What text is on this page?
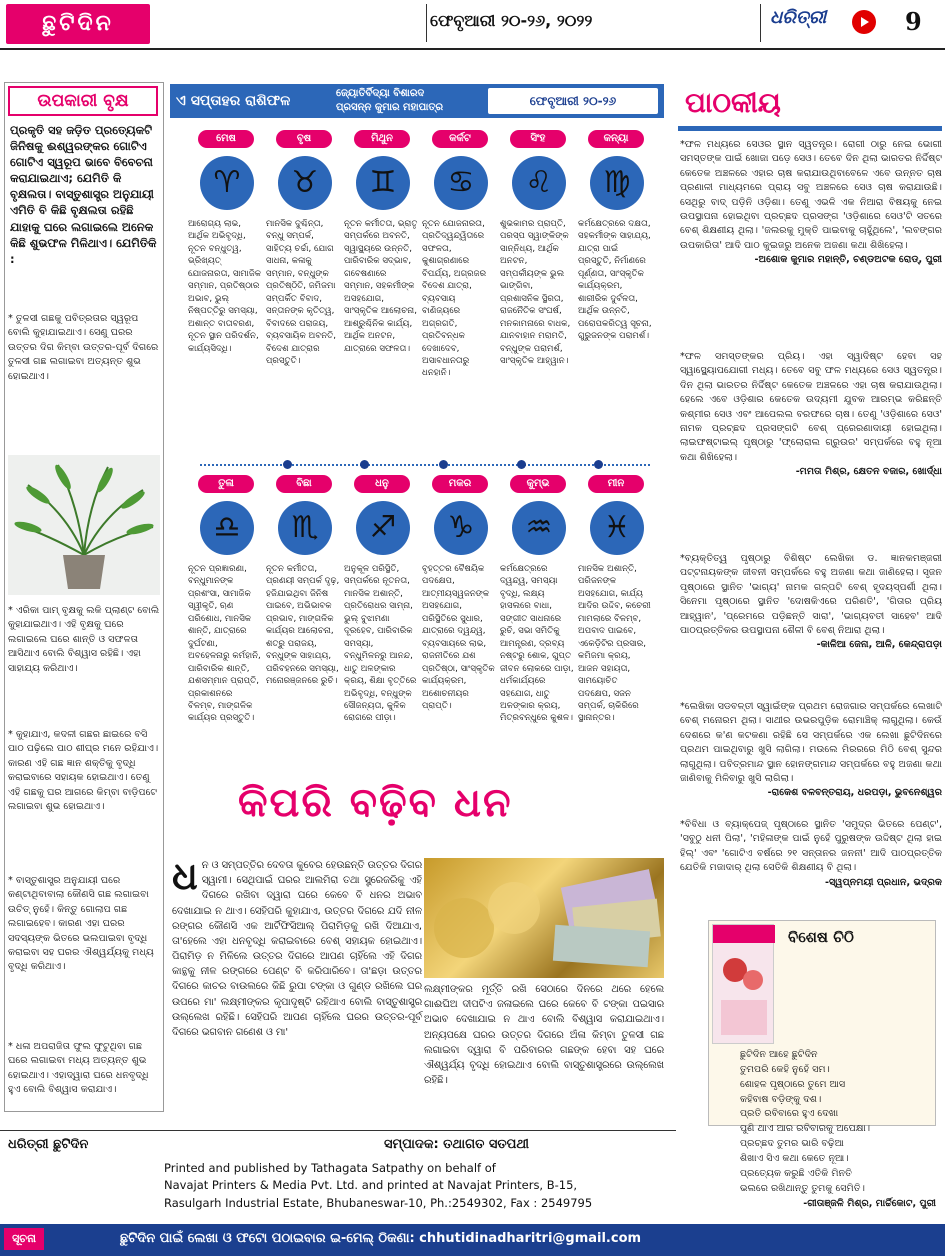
ଛୁଟିଦିନ	ଫେବୃଆରୀ ୨୦-୨୬, ୨୦୨୨	ଧରିତ୍ରୀ	9
ଉପକାରୀ ବୃକ୍ଷ
ପ୍ରକୃତି ସହ ଜଡ଼ିତ ପ୍ରତ୍ୟେକଟି ଜିନିଷକୁ ଈଶ୍ୱରଙ୍କର ଗୋଟିଏ ଗୋଟିଏ ସ୍ୱରୂପ ଭାବେ ବିବେଚନା କରାଯାଇଥାଏ; ଯେମିତି କି ବୃକ୍ଷଲତା। ବାସ୍ତୁଶାସ୍ତ୍ର ଅନୁଯାୟୀ ଏମିତି ବି କିଛି ବୃକ୍ଷଲତା ରହିଛି ଯାହାକୁ ଘରେ ଲଗାଇଲେ ଅନେକ କିଛି ଶୁଭଫଳ ମିଳିଥାଏ। ଯେମିତିକି :
* ତୁଳସୀ ଗଛକୁ ପବିତ୍ରତାର ସ୍ୱରୂପ ବୋଲି କୁହାଯାଇଥାଏ। ସେଣୁ ଘରର ଉତ୍ତର ଦିଗ କିମ୍ବା ଉତ୍ତର-ପୂର୍ବ ଦିଗରେ ତୁଳସୀ ଗଛ ଲଗାଇବା ଅତ୍ୟନ୍ତ ଶୁଭ ହୋଇଥାଏ।
* ଏରିକା ପାମ୍ ବୃକ୍ଷକୁ ଲକି ପ୍ଲାଣ୍ଟ ବୋଲି କୁହାଯାଇଥାଏ। ଏହି ବୃକ୍ଷକୁ ଘରେ ଲଗାଇଲେ ଘରେ ଶାନ୍ତି ଓ ସଫଳତା ଆସିଥାଏ ବୋଲି ବିଶ୍ୱାସ ରହିଛି। ଏହା ସାହାଯ୍ୟ କରିଥାଏ।
* କୁହାଯାଏ, କଦଳୀ ଗଛର ଛାଇରେ ବସି ପାଠ ପଢ଼ିଲେ ପାଠ ଶୀଘ୍ର ମନେ ରହିଯାଏ। କାରଣ ଏହି ଗଛ ଜ୍ଞାନ ଶକ୍ତିକୁ ବୃଦ୍ଧି କରାଇବାରେ ସହାୟକ ହୋଇଥାଏ। ତେଣୁ ଏହି ଗଛକୁ ଘର ଆଗରେ କିମ୍ବା ବାଡ଼ିପଟେ ଲଗାଇବା ଶୁଭ ହୋଇଥାଏ।
* ବାସ୍ତୁଶାସ୍ତ୍ର ଅନୁଯାୟୀ ଘରେ କଣ୍ଟାଥିବାବାଲା କୌଣସି ଗଛ ଲଗାଇବା ଉଚିତ୍ ନୁହେଁ। କିନ୍ତୁ ଗୋଲାପ ଗଛ ଲଗାଇହେବ। କାରଣ ଏହା ଘରର ସଦସ୍ୟଙ୍କ ଭିତରେ ଭଲପାଇବା ବୃଦ୍ଧି କରାଇବା ସହ ଘରର ଐଶ୍ୱର୍ଯ୍ୟକୁ ମଧ୍ୟ ବୃଦ୍ଧି କରିଥାଏ।
* ଧଳା ଅପରାଜିତା ଫୁଲ ଫୁଟୁଥିବା ଗଛ ଘରେ ଲଗାଇବା ମଧ୍ୟ ଅତ୍ୟନ୍ତ ଶୁଭ ହୋଇଥାଏ। ଏହାଦ୍ୱାରା ଘରେ ଧନବୃଦ୍ଧି ହୁଏ ବୋଲି ବିଶ୍ୱାସ କରାଯାଏ।
ଏ ସପ୍ତାହର ରାଶିଫଳ	ଜ୍ୟୋତିର୍ବିଦ୍ୟା ବିଶାରଦ
ପ୍ରସନ୍ନ କୁମାର ମହାପାତ୍ର	ଫେବୃଆରୀ ୨୦-୨୬
ମେଷ
♈
ଆରୋଗ୍ୟ ଲାଭ, ଆର୍ଥିକ ଅଭିବୃଦ୍ଧି, ନୂତନ ବନ୍ଧୁତ୍ୱ, ଭ୍ରିଖ୍ୟତ୍ ଯୋଜନାରତା, ସାମାଜିକ ସମ୍ମାନ, ପ୍ରତିଷ୍ଠାର ଅଭାବ, ଭୁଲ୍ ନିଷ୍ପତ୍ତିରୁ ସମସ୍ୟା, ଅଶାନ୍ତ ବାତାବରଣ, ନୂତନ ସ୍ଥାନ ପରିଦର୍ଶନ, କାର୍ଯ୍ୟସିଦ୍ଧି।
ବୃଷ
♉
ମାନସିକ ଦୁଶ୍ଚିନ୍ତା, ବନ୍ଧୁ ସମ୍ପର୍କ, ସାହିତ୍ୟ ଚର୍ଚ୍ଚା, ଯୋଗ ସାଧନା, କଳାକୁ ସମ୍ମାନ, ବନ୍ଧୁଙ୍କ ପ୍ରତିଷ୍ଠିତି, ଜମିଜମା ସମ୍ପର୍କିତ ବିବାଦ, ସନ୍ତାନଙ୍କ କୃତିତ୍ୱ, ବିବାଦରେ ପରାଜୟ, ବ୍ୟବସାୟିକ ଅବନତି, ବିଦେଶ ଯାତ୍ରାର ପ୍ରସ୍ତୁତି।
ମିଥୁନ
♊
ନୂତନ କର୍ମୀତତା, ଭ୍ରାତୃ ସମ୍ପର୍କରେ ଅବନତି, ସ୍ୱାସ୍ଥ୍ୟରେ ଉନ୍ନତି, ପାରିବାରିକ ସଦ୍ଭାବ, ଗବେଷଣାରେ ସମ୍ମାନ, ସହକର୍ମୀଙ୍କ ଅସହଯୋଗ, ସାଂସ୍କୃତିକ ଆଲୋଚନା, ଆଶ୍ରୁଶ୍ଚିନିକ କାର୍ଯ୍ୟ, ଆର୍ଥିକ ଅନଟନ, ଯାତ୍ରାରେ ସଫଳତା।
କର୍କଟ
♋
ନୂତନ ଯୋଜନାରତା, ପ୍ରତିଦ୍ୱନ୍ଦ୍ୱିତାରେ ସଫଳତା, କୁଶାଗ୍ରଣାରେ ବିପର୍ଯ୍ୟ, ଅଗ୍ରଜର ବିଦେଶ ଯାତ୍ରା, ବ୍ୟବସାୟ ବାଣିଜ୍ୟରେ ଅଗ୍ରଗତି, ପ୍ରତିବନ୍ଧକ ଦେଖାଦେବ, ଅସାବଧାନତାରୁ ଧନହାନି।
ସିଂହ
♌
ଶୁଭକାମର ପ୍ରାପ୍ତି, ପରସ୍ପ ସ୍ୱାଙ୍କିଙ୍କ ସାନ୍ନିଧ୍ୟ, ଆର୍ଥିକ ଅନଟନ, ସମ୍ପର୍କୀୟଙ୍କ ଭୁଲ ଭାଙ୍ଗିବା, ପ୍ରଶାସନିକ ସ୍ଥିରତା, ରାଜନୈତିକ ସଂଘର୍ଷ, ମନକାମନାରେ ବାଧକ, ଯାନବାହାନ ମରାମତି, ବନ୍ଧୁଙ୍କ ପରାମର୍ଶ, ସାଂସ୍କୃତିକ ଆହ୍ୱାନ।
କନ୍ୟା
♍
କର୍ମକ୍ଷେତ୍ରରେ ଦକ୍ଷତା, ସହକର୍ମୀଙ୍କ ସାହାଯ୍ୟ, ଯାତ୍ରା ପାଇଁ ପ୍ରସ୍ତୁତି, ନିର୍ମାଣରେ ପୂର୍ଣ୍ଣତା, ସାଂସ୍କୃତିକ କାର୍ଯ୍ୟକ୍ରମ, ଶାରୀରିକ ଦୁର୍ବଳତା, ଆର୍ଥିକ ଉନ୍ନତି, ପରୋପକରିତ୍ୱ ସୂଚନା, ଗୁରୁଜନଙ୍କ ପରାମର୍ଶ।
ତୁଳା
♎
ନୂତନ ପ୍ରଜ୍ଞାରଣା, ବନ୍ଧୁମାନଙ୍କ ପ୍ରଶଂସା, ସାମାଜିକ ସ୍ୱୀକୃତି, ଋଣ ପରିଶୋଧ, ମାନସିକ ଶାନ୍ତି, ଯାତ୍ରାରେ ଦୁର୍ଘଟଣା, ଅବହେଳନାରୁ କର୍ମହାନି, ପାରିବାରିକ ଶାନ୍ତି, ଯଶସମ୍ମାନ ପ୍ରାପ୍ତି, ପ୍ରକାଶନରେ ବିଳମ୍ବ, ମାଙ୍ଗଳିକ କାର୍ଯ୍ୟର ପ୍ରସ୍ତୁତି।
ବିଛା
♏
ନୂତନ କର୍ମୀତତା, ପ୍ରଣୟୀ ସମ୍ପର୍କ ଦୃଢ଼, ହଜିଯାଇଥିବା ଜିନିଷ ପାଇବେ, ଅଭିଭାବକ ପ୍ରଭାବ, ମାଙ୍ଗଳିକ କାର୍ଯ୍ୟର ଆଲୋଚନା, ଶତ୍ରୁ ପରାଜୟ, ବନ୍ଧୁଙ୍କ ସାହାଯ୍ୟ, ପରିବହନରେ ସମସ୍ୟା, ମନୋରଞ୍ଜନରେ ରୁଚି।
ଧନୁ
♐
ଅନୁକୂଳ ପରିସ୍ଥିତି, ସମ୍ପର୍କରେ ନୂତନତା, ମାନସିକ ଅଶାନ୍ତି, ପ୍ରତିରୋଧର ସାମ୍ନା, ଭୁଲ୍ ବୁଝାମଣା ଦୂରହେବ, ପାରିବାରିକ ସମସ୍ୟା, ବନ୍ଧୁମିଳନରୁ ଆନନ୍ଦ, ଧାତୁ ଅଳଙ୍କାର କ୍ରୟ, ଶିକ୍ଷା ବୃତ୍ତିରେ ଅଭିବୃଦ୍ଧି, ବନ୍ଧୁଙ୍କ ସୌଜନ୍ୟତା, କୁଳିକ ରୋଗରେ ପୀଡ଼ା।
ମକର
♑
ବୃହତ୍ତର ବୈଷୟିକ ପଦକ୍ଷେପ, ଆତ୍ମୀୟସ୍ୱଜନଙ୍କ ଅସହଯୋଗ, ପରିସ୍ଥିତିରେ ସୁଧାର, ଯାତ୍ରାରେ ଦ୍ୱନ୍ଦ୍ୱ, ବ୍ୟବସାୟରେ ଲାଭ, ରାଜନୀତିରେ ଯଶ ପ୍ରତିଷ୍ଠା, ସାଂସ୍କୃତିକ କାର୍ଯ୍ୟକ୍ରମ, ଅଶୋଚନୀୟର ପ୍ରାପ୍ତି।
କୁମ୍ଭ
♒
କର୍ମକ୍ଷେତ୍ରରେ ଦ୍ୱନ୍ଦ୍ୱ, ସମସ୍ୟା ବୃଦ୍ଧି, ଲକ୍ଷ୍ୟ ହାସଲରେ ବାଧା, ସଙ୍ଗୀତ ସାଧନାରେ ରୁଚି, ସଭା ସମିତିକୁ ଆମନ୍ତ୍ରଣ, ଦ୍ରବ୍ୟ ନଷ୍ଟରୁ ଶୋକ, ଗୁପ୍ତ ଜୀବନ ଲୋକରେ ପାଡ଼ା, ଧର୍ମକାର୍ଯ୍ୟରେ ସହଯୋଗ, ଧାତୁ ଅଳଙ୍କାର କ୍ରୟ, ମିତ୍ରବନ୍ଧୁରେ କୁଶଳ।
ମୀନ
♓
ମାନସିକ ଅଶାନ୍ତି, ପରିଜନଙ୍କ ଅସହଯୋଗ, କାର୍ଯ୍ୟ ଆଦିର ଉଦ୍ଦିବ, କଚେରୀ ମାମଲାରେ ବିଳମ୍ବ, ଅପବାଦ ପାଇବେ, ଏକେଡ଼ିଟିର ପ୍ରସାର, କମିଜମା କ୍ରୟ, ଆଜନ ସହାୟତା, ସାମୟୋଚିତ ପଦକ୍ଷେପ, ସଜନ ସମ୍ପର୍କ, ଚାକିରିରେ ସ୍ଥାନାନ୍ତର।
କିପରି ବଢ଼ିବ ଧନ
ଧନ ଓ ସମ୍ପତ୍ତିର ଦେବତା କୁବେର ହେଉଛନ୍ତି ଉତ୍ତର ଦିଗର ସ୍ୱାମୀ। ସେଥିପାଇଁ ଘରର ଆଲମିରା ତଥା ସ୍ଟ୍ରେଜରିକୁ ଏହି ଦିଗରେ ରଖିବା ଦ୍ୱାରା ଘରେ କେବେ ବି ଧନର ଅଭାବ ଦେଖାଯାଇ ନ ଥାଏ। ସେହିପରି କୁହାଯାଏ, ଉତ୍ତର ଦିଗରେ ଯଦି ନୀଳ ରଙ୍ଗର କୌଣସି ଏକ ଆର୍ଟିଫିସିଆଲ୍ ପିରାମିଡ଼କୁ ରଖି ଦିଆଯାଏ, ତା'ହେଲେ ଏହା ଧନବୃଦ୍ଧି କରାଇବାରେ ବେଶ୍ ସହାୟକ ହୋଇଥାଏ। ପିରାମିଡ଼ ନ ମିଳିଲେ ଉତ୍ତର ଦିଗରେ ଆପଣ ଚାହିଁଲେ ଏହି ଦିଗର କାନ୍ଥକୁ ନୀଳ ରଙ୍ଗରେ ପେଣ୍ଟ ବି କରିପାରିବେ। ତା'ଛଡ଼ା ଉତ୍ତର ଦିଗରେ କାଚର ବାଉଲରେ କିଛି ରୁପା ଟଙ୍କା ଓ ଗୁଣ୍ଡ ରଖିଲେ ଘର ଉପରେ ମା' ଲକ୍ଷ୍ମୀଙ୍କର କୃପାଦୃଷ୍ଟି ରହିଥାଏ ବୋଲି ବାସ୍ତୁଶାସ୍ତ୍ର ଉଲ୍ଲେଖ ରହିଛି। ସେହିପରି ଆପଣ ଚାହିଁଲେ ଘରର ଉତ୍ତର-ପୂର୍ବ ଦିଗରେ ଭଗବାନ ଗଣେଶ ଓ ମା'
ଲକ୍ଷ୍ମୀଙ୍କର ମୂର୍ତ୍ତି ରଖି ସେଠାରେ ଦିନରେ ଥରେ ହେଲେ ଗାଈଘିଅ ଦୀପଟିଏ ଜଳାଇଲେ ଘରେ କେବେ ବି ଟଙ୍କା ପଇସାର ଅଭାବ ଦେଖାଯାଇ ନ ଥାଏ ବୋଲି ବିଶ୍ୱାସ କରାଯାଇଥାଏ। ଅନ୍ୟପକ୍ଷେ ଘରର ଉତ୍ତର ଦିଗରେ ଅଁଳା କିମ୍ବା ତୁଳସୀ ଗଛ ଲଗାଇବା ଦ୍ୱାରା ବି ପରିବାରର ଗଛଙ୍କ ହେବା ସହ ଘରେ ଐଶ୍ୱର୍ଯ୍ୟ ବୃଦ୍ଧି ହୋଇଥାଏ ବୋଲି ବାସ୍ତୁଶାସ୍ତ୍ରରେ ଉଲ୍ଲେଖ ରହିଛି।
ପାଠକୀୟ
*ଫଳ ମଧ୍ୟରେ ସେଓର ସ୍ଥାନ ସ୍ୱତନ୍ତ୍ର। ରୋଗୀ ଠାରୁ ନେଇ ଭୋଗୀ ସମସ୍ତଙ୍କ ପାଇଁ ଖୋଜା ପଡ଼େ ସେଓ। ତେବେ ଦିନ ଥିଲା ଭାରତର ନିର୍ଦ୍ଦିଷ୍ଟ କେତେକ ଅଞ୍ଚଳରେ ଏହାର ଚାଷ କରାଯାଉଥିବାବେଳେ ଏବେ ଉନ୍ନତ ଚାଷ ପ୍ରଣାଳୀ ମାଧ୍ୟମରେ ପ୍ରାୟ ସବୁ ଅଞ୍ଚଳରେ ସେଓ ଚାଷ କରାଯାଉଛି। ସେଥିରୁ ବାଦ୍ ପଡ଼ିନି ଓଡ଼ିଶା। ତେଣୁ ଏଭଳି ଏକ ନିଆରା ବିଷୟକୁ ନେଇ ଉପସ୍ଥାପନା ହୋଇଥିବା ପ୍ରଚ୍ଛଦ ପ୍ରସଙ୍ଗ 'ଓଡ଼ିଶାରେ ସେଓ'ଟି ସତରେ ବେଶ୍ ଶିକ୍ଷଣୀୟ ଥିଲା। 'ଜଲରକୁ ମୁକ୍ତି ପାଇବାକୁ ଚାହୁଁଥିଲେ', 'ଲବଙ୍ଗର ଉପକାରିତା' ଆଦି ପାଠ କୁଇଜରୁ ଅନେକ ଅଜଣା କଥା ଶିଖିହେଲା।
-ଅଶୋକ କୁମାର ମହାନ୍ତି, ଚଣ୍ଡଅଟକ ରୋଡ୍, ପୁରୀ
*ଫଳ ସମସ୍ତଙ୍କର ପ୍ରିୟ। ଏହା ସ୍ୱାଦିଷ୍ଟ ହେବା ସହ ସ୍ୱାସ୍ଥ୍ୟୋପଯୋଗୀ ମଧ୍ୟ। ତେବେ ସବୁ ଫଳ ମଧ୍ୟରେ ସେଓ ସ୍ୱତନ୍ତ୍ର। ଦିନ ଥିଲା ଭାରତର ନିର୍ଦ୍ଦିଷ୍ଟ କେତେକ ଅଞ୍ଚଳରେ ଏହା ଚାଷ କରାଯାଉଥିଲା। ହେଲେ ଏବେ ଓଡ଼ିଶାର କେତେକ ଉଦ୍ୟମୀ ଯୁବକ ଆରମ୍ଭ କରିଛନ୍ତି କଶ୍ମୀର ସେଓ ଏବଂ ଆପେଲଲ ବରଫରେ ଚାଷ। ତେଣୁ 'ଓଡ଼ିଶାରେ ସେଓ' ନାମକ ପ୍ରଚ୍ଛଦ ପ୍ରସଙ୍ଗଟି ବେଶ୍ ପ୍ରେରଣାଦାୟୀ ହୋଇଥିଲା। ଲାଇଫଷ୍ଟାଇଲ୍ ପୃଷ୍ଠାରୁ 'ଫ୍ଲୋରାଲ ଗ୍ରୁଉର' ସମ୍ପର୍କରେ ବହୁ ନୂଆ କଥା ଶିଖିହେଲା।
-ମମତା ମିଶ୍ର, କ୍ଷେତନ ବଜାର, ଖୋର୍ଦ୍ଧା
*ବ୍ୟକ୍ତିତ୍ୱ ପୃଷ୍ଠାରୁ ବିଶିଷ୍ଟ ଲେଖିକା ଡ. ଜ୍ଞାନକମଞ୍ଜରୀ ପଟ୍ଟନାୟକଙ୍କ ଜୀବନୀ ସମ୍ପର୍କରେ ବହୁ ଅଜଣା କଥା ଜାଣିହେଲା। ସୃଜନ ପୃଷ୍ଠାରେ ସ୍ଥାନିତ 'ଭାଗ୍ୟ' ନାମକ ଗଳ୍ପଟି ବେଶ୍ ହୃଦୟସ୍ପର୍ଶୀ ଥିଲା। ସିନେମା ପୃଷ୍ଠାରେ ସ୍ଥାନିତ 'ଦୋଷକିଏରେ ପରିଣତି', 'ଗିତାର ପ୍ରିୟ ଆହ୍ୱାନ', 'ପ୍ରେମରେ ପଡ଼ିଛନ୍ତି ସାରା', 'ଭାଗ୍ୟବତୀ ସାହେବ' ଆଦି ପାଠପ୍ରତ୍ତିକର ଉପସ୍ଥାପନା ଶୈଳୀ ବି ବେଶ୍ ନିଆରା ଥିଲା।
-କାଳିଆ ଜେନା, ଆଳି, କେନ୍ଦ୍ରାପଡ଼ା
*ଲେଖିକା ସଡବଳ୍ତୀ ସ୍ୱାଇଁଙ୍କ ପ୍ରଥମ ରୋଜଗାର ସମ୍ପର୍କରେ ଲେଖାଟି ବେଶ୍ ମନୋରମ ଥିଲା। ସାଥୀର ଉଭରପୁଡ଼ିକ ରୋମାଞ୍ଚିକ୍ ଲାଗୁଥିଲା। କେଉଁ ଦେଶରେ କ'ଣ କଟକଣା ରହିଛି ସେ ସମ୍ପର୍କରେ ଏକ ଲେଖା ଛୁଟିଦିନରେ ପ୍ରଥମ ପାଇଥିବାରୁ ଖୁସି ଲାଗିଲା। ମଉଲେ ମିରରରେ ମିଠି ବେଶ୍ ସୁନ୍ଦର ଲାଗୁଥିଲା। ପବିତ୍ରମାନ୍ଦ ସ୍ଥାନ ହୋନଙ୍ଗମାନ୍ଦ ସମ୍ପର୍କରେ ବହୁ ଅଜଣା କଥା ଜାଣିବାକୁ ମିଳିବାରୁ ଖୁସି ଲାଗିଲା।
-ରାକେଶ ବଳବନ୍ତରାୟ, ଧରପଡ଼ା, ଭୁବନେଶ୍ୱର
*ବିବିଧା ଓ ବ୍ୟାକ୍‌ପେଜ୍ ପୃଷ୍ଠାରେ ସ୍ଥାନିତ 'ସମୁଦ୍ର ଭିତରେ ପେଣ୍ଟ', 'ସବୁଠୁ ଧନୀ ପିଲା', 'ମହିଳାଙ୍କ ପାଇଁ ନୁହେଁ ପୁରୁଷଙ୍କ ଉଦ୍ଦିଷ୍ଟ ଥିଲା ହାଇ ହିଲ୍' ଏବଂ 'ଗୋଟିଏ ବର୍ଷରେ ୨୧ ସନ୍ତାନର ଜନନୀ' ଆଦି ପାଠପ୍ରତ୍ତିକ ଯେତିକି ମଜାଦାର୍ ଥିଲା ସେତିକି ଶିକ୍ଷଣୀୟ ବି ଥିଲା।
-ସ୍ୱପ୍ନମୟୀ ପ୍ରଧାନ, ଭଦ୍ରକ
ବିଶେଷ ଚିଠି
ଛୁଟିଦିନ ଆହେ ଛୁଟିଦିନ
ତୁମପରି କେହି ନୁହେଁ ସମ।
ଶୋହଳ ପୃଷ୍ଠାରେ ତୁମେ ଆସ
କହିବାଷ ବଡ଼ିଙ୍କୁ ଦଶ।
ପ୍ରତି ରବିବାରେ ହୁଏ ଦେଖା
ପୁଣି ଥାଏ ଆର ରବିବାରକୁ ଅପେକ୍ଷା।
ପ୍ରଚ୍ଛଦ ତୁମର ଭାରି ବଢ଼ିଆ
ଶିଖାଏ ସିଏ କଥା କେତେ ନୂଆ।
ପ୍ରତ୍ୟେକ କରୁଛି ଏତିକି ମିନତି
ଭଲରେ ରଖିଥାନ୍ତୁ ତୁମକୁ ସେମିତି।
-ଗୀତାଞ୍ଜଳି ମିଶ୍ର, ମାର୍ଚ୍ଚିକୋଟ, ପୁରୀ
ଧରିତ୍ରୀ ଛୁଟିଦିନ	ସମ୍ପାଦକ: ତଥାଗତ ସତପଥୀ
Printed and published by Tathagata Satpathy on behalf of
Navajat Printers & Media Pvt. Ltd. and printed at Navajat Printers, B-15,
Rasulgarh Industrial Estate, Bhubaneswar-10, Ph.:2549302, Fax : 2549795
ସୂଚନା	ଛୁଟିଦିନ ପାଇଁ ଲେଖା ଓ ଫଟୋ ପଠାଇବାର ଇ-ମେଲ୍ ଠିକଣା: chhutidinadharitri@gmail.com
